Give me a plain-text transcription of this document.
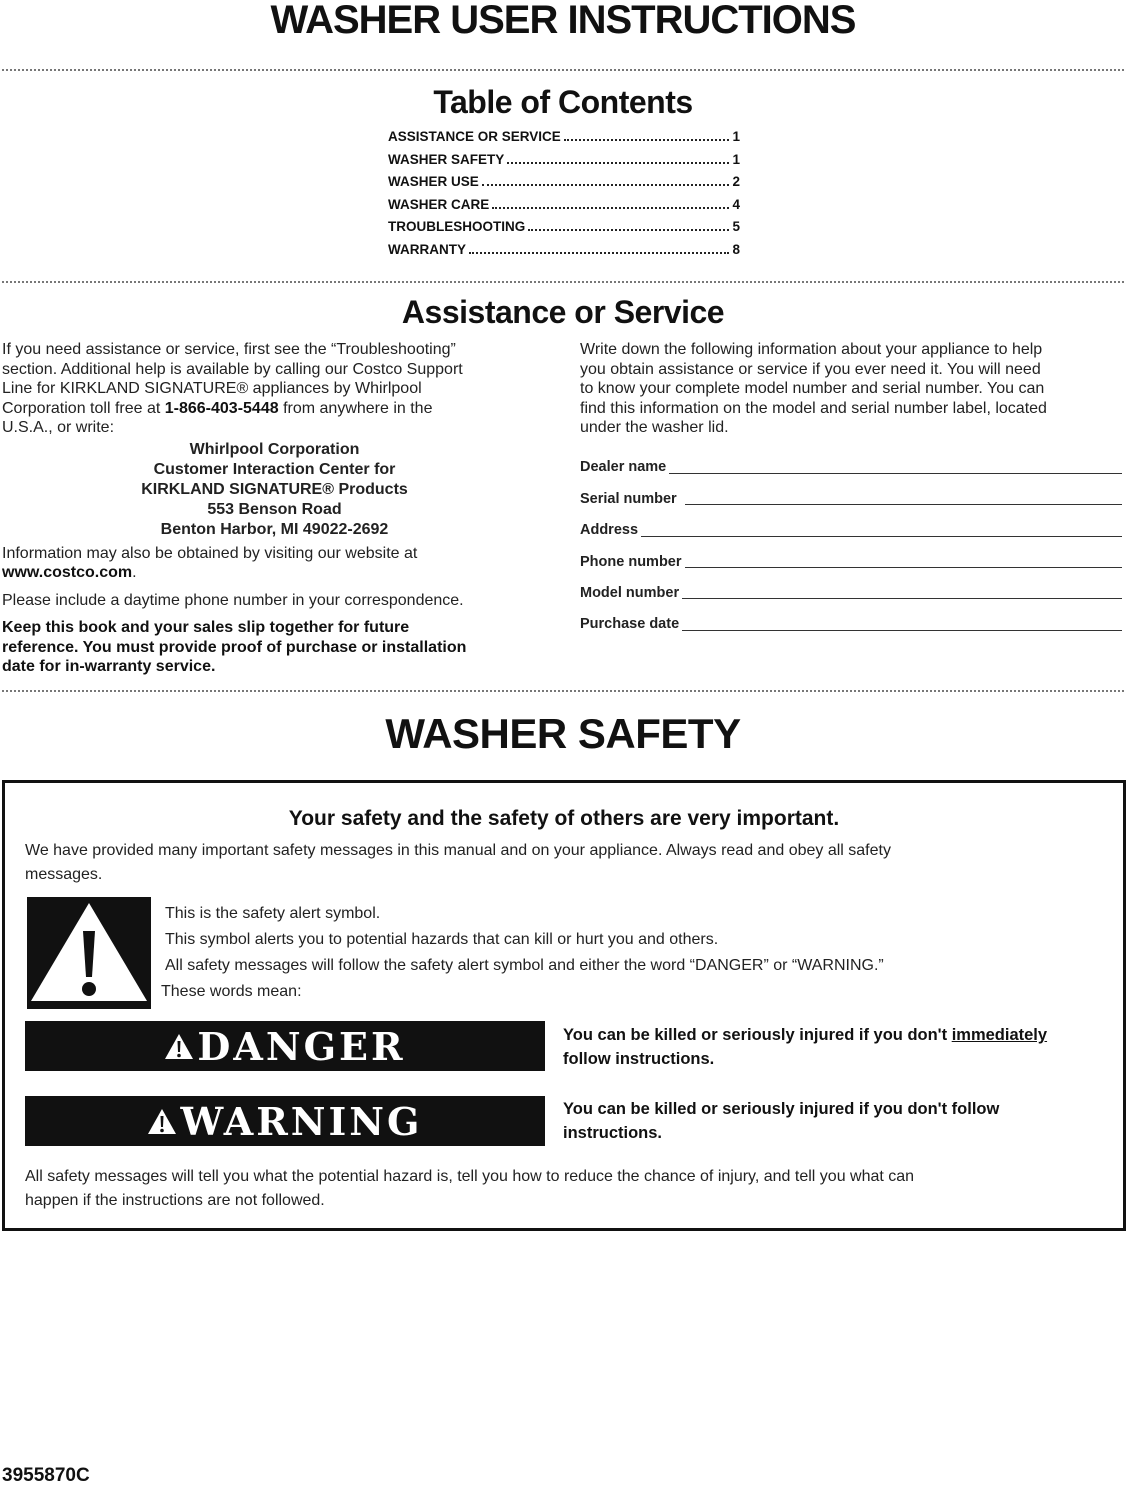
WASHER USER INSTRUCTIONS
Table of Contents
ASSISTANCE OR SERVICE	1
WASHER SAFETY	1
WASHER USE	2
WASHER CARE	4
TROUBLESHOOTING	5
WARRANTY	8
Assistance or Service

If you need assistance or service, first see the “Troubleshooting”
section. Additional help is available by calling our Costco Support
Line for KIRKLAND SIGNATURE® appliances by Whirlpool
Corporation toll free at 1-866-403-5448 from anywhere in the
U.S.A., or write:

Whirlpool Corporation
Customer Interaction Center for
KIRKLAND SIGNATURE® Products
553 Benson Road
Benton Harbor, MI 49022-2692

Information may also be obtained by visiting our website at
www.costco.com.

Please include a daytime phone number in your correspondence.

Keep this book and your sales slip together for future
reference. You must provide proof of purchase or installation
date for in-warranty service.

Write down the following information about your appliance to help
you obtain assistance or service if you ever need it. You will need
to know your complete model number and serial number. You can
find this information on the model and serial number label, located
under the washer lid.

Dealer name
Serial number
Address
Phone number
Model number
Purchase date
WASHER SAFETY
Your safety and the safety of others are very important.
We have provided many important safety messages in this manual and on your appliance. Always read and obey all safety
messages.
This is the safety alert symbol.
This symbol alerts you to potential hazards that can kill or hurt you and others.
All safety messages will follow the safety alert symbol and either the word “DANGER” or “WARNING.”
These words mean:
DANGER	You can be killed or seriously injured if you don't immediately
follow instructions.
WARNING	You can be killed or seriously injured if you don't follow
instructions.
All safety messages will tell you what the potential hazard is, tell you how to reduce the chance of injury, and tell you what can
happen if the instructions are not followed.
3955870C
